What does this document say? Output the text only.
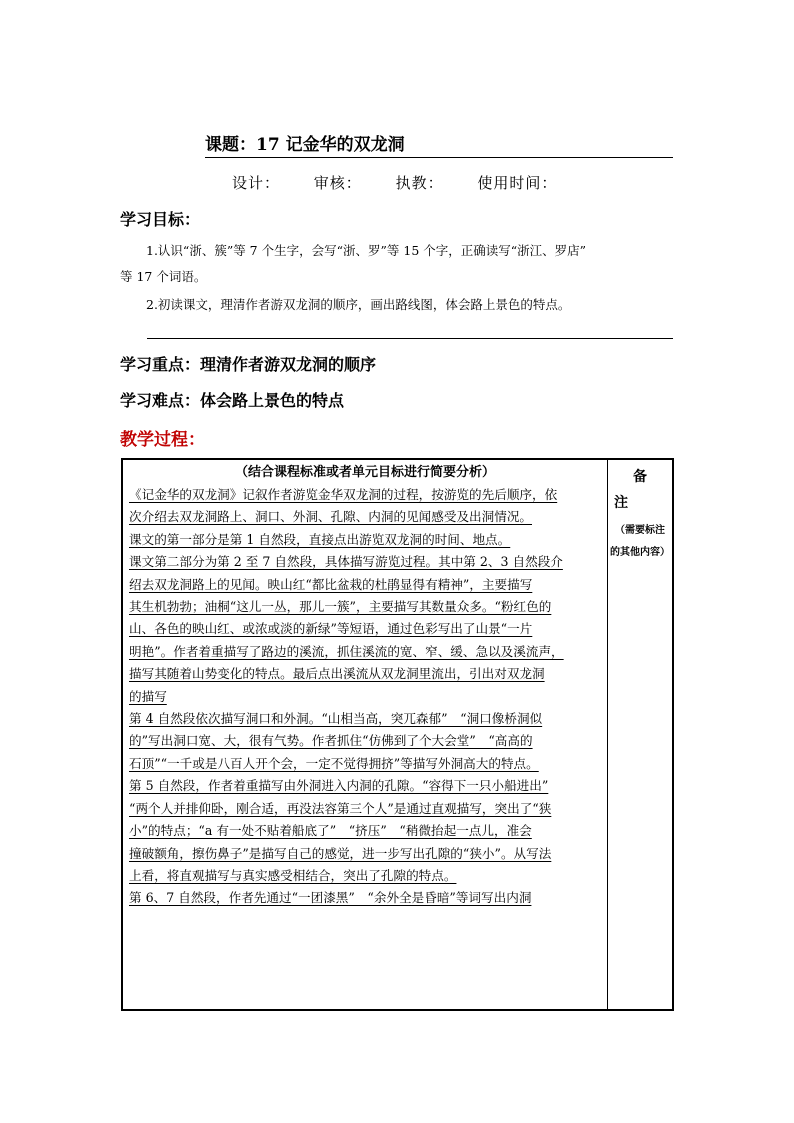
课题：17 记金华的双龙洞
设计： 审核： 执教： 使用时间：
学习目标：
1.认识“浙、簇”等 7 个生字，会写“浙、罗”等 15 个字，正确读写“浙江、罗店”
等 17 个词语。
2.初读课文，理清作者游双龙洞的顺序，画出路线图，体会路上景色的特点。
学习重点：理清作者游双龙洞的顺序
学习难点：体会路上景色的特点
教学过程：
（结合课程标准或者单元目标进行简要分析）
《记金华的双龙洞》记叙作者游览金华双龙洞的过程，按游览的先后顺序，依
次介绍去双龙洞路上、洞口、外洞、孔隙、内洞的见闻感受及出洞情况。
课文的第一部分是第 1 自然段，直接点出游览双龙洞的时间、地点。
课文第二部分为第 2 至 7 自然段，具体描写游览过程。其中第 2、3 自然段介
绍去双龙洞路上的见闻。映山红“都比盆栽的杜鹃显得有精神”，主要描写
其生机勃勃；油桐“这儿一丛，那儿一簇”，主要描写其数量众多。“粉红色的
山、各色的映山红、或浓或淡的新绿”等短语，通过色彩写出了山景“一片
明艳”。作者着重描写了路边的溪流，抓住溪流的宽、窄、缓、急以及溪流声，
描写其随着山势变化的特点。最后点出溪流从双龙洞里流出，引出对双龙洞
的描写
第 4 自然段依次描写洞口和外洞。“山相当高，突兀森郁”　“洞口像桥洞似
的”写出洞口宽、大，很有气势。作者抓住“仿佛到了个大会堂”　“高高的
石顶”“一千或是八百人开个会，一定不觉得拥挤”等描写外洞高大的特点。
第 5 自然段，作者着重描写由外洞进入内洞的孔隙。“容得下一只小船进出”
“两个人并排仰卧，刚合适，再没法容第三个人”是通过直观描写，突出了“狭
小”的特点；“a 有一处不贴着船底了”　“挤压”　“稍微抬起一点儿，准会
撞破额角，擦伤鼻子”是描写自己的感觉，进一步写出孔隙的“狭小”。从写法
上看，将直观描写与真实感受相结合，突出了孔隙的特点。
第 6、7 自然段，作者先通过“一团漆黑”　“余外全是昏暗”等词写出内洞

备
注
（需要标注
的其他内容）
